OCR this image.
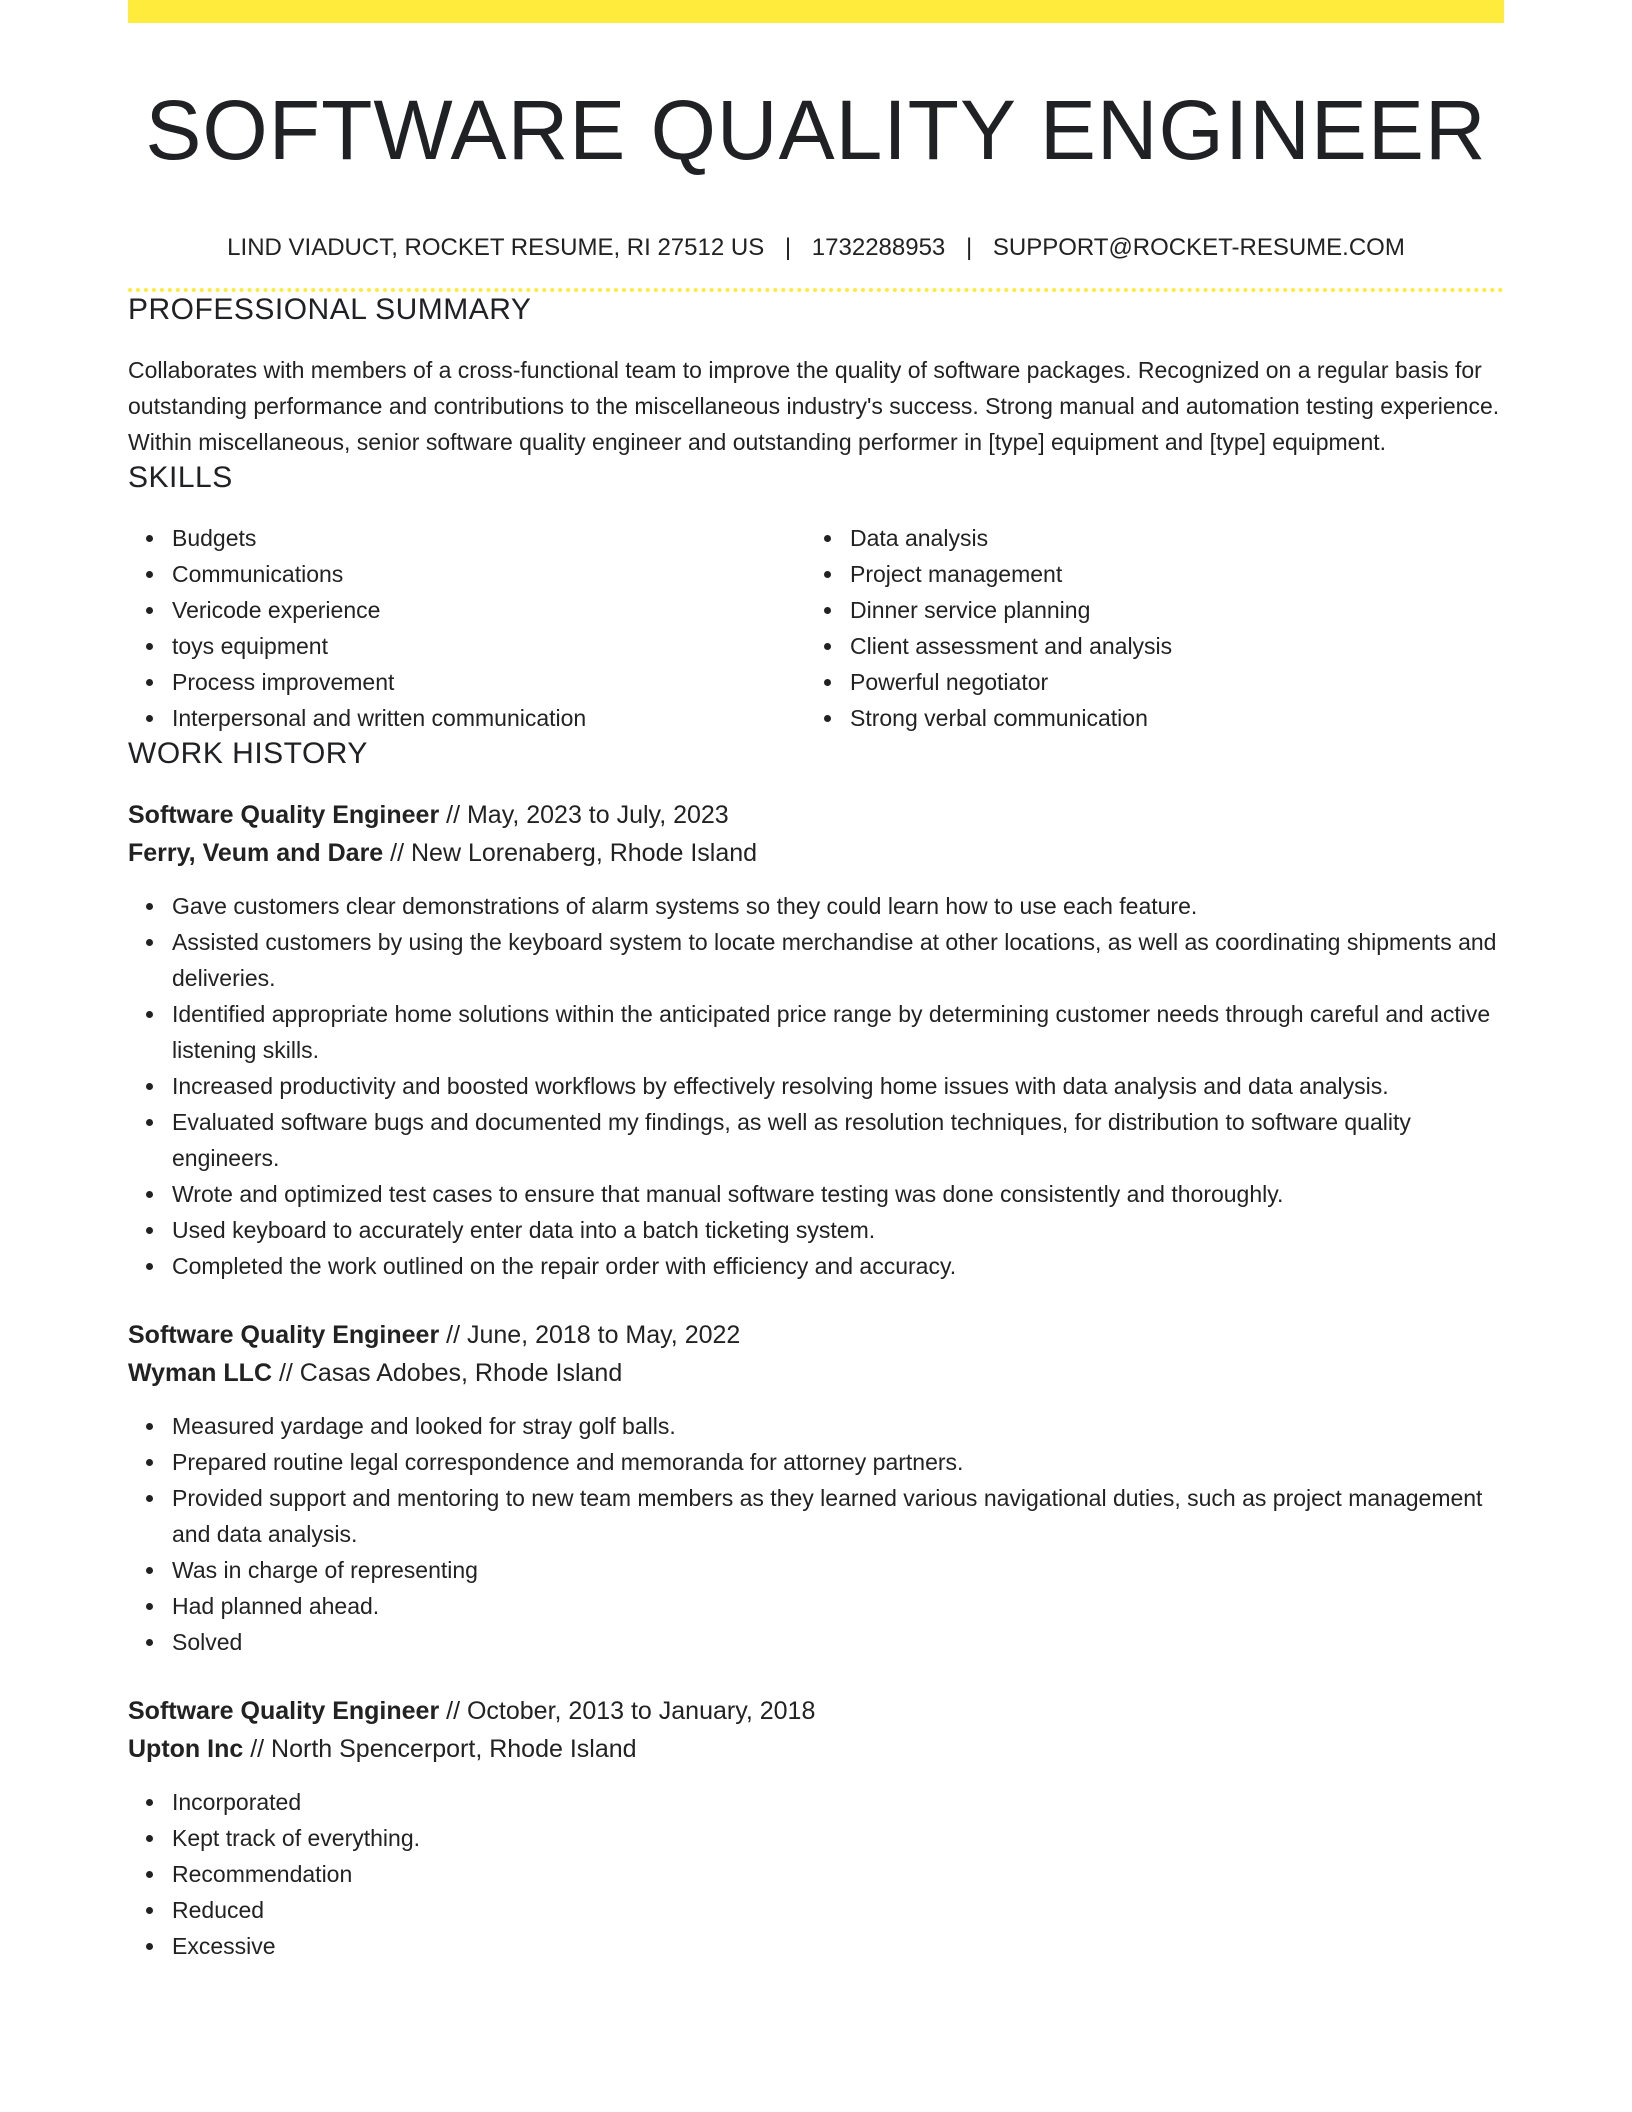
SOFTWARE QUALITY ENGINEER
LIND VIADUCT, ROCKET RESUME, RI 27512 US | 1732288953 | SUPPORT@ROCKET-RESUME.COM
PROFESSIONAL SUMMARY

Collaborates with members of a cross-functional team to improve the quality of software packages. Recognized on a regular basis for outstanding performance and contributions to the miscellaneous industry's success. Strong manual and automation testing experience. Within miscellaneous, senior software quality engineer and outstanding performer in [type] equipment and [type] equipment.

SKILLS
Budgets
Communications
Vericode experience
toys equipment
Process improvement
Interpersonal and written communication
Data analysis
Project management
Dinner service planning
Client assessment and analysis
Powerful negotiator
Strong verbal communication
WORK HISTORY
Software Quality Engineer // May, 2023 to July, 2023
Ferry, Veum and Dare // New Lorenaberg, Rhode Island
Gave customers clear demonstrations of alarm systems so they could learn how to use each feature.
Assisted customers by using the keyboard system to locate merchandise at other locations, as well as coordinating shipments and deliveries.
Identified appropriate home solutions within the anticipated price range by determining customer needs through careful and active listening skills.
Increased productivity and boosted workflows by effectively resolving home issues with data analysis and data analysis.
Evaluated software bugs and documented my findings, as well as resolution techniques, for distribution to software quality engineers.
Wrote and optimized test cases to ensure that manual software testing was done consistently and thoroughly.
Used keyboard to accurately enter data into a batch ticketing system.
Completed the work outlined on the repair order with efficiency and accuracy.
Software Quality Engineer // June, 2018 to May, 2022
Wyman LLC // Casas Adobes, Rhode Island
Measured yardage and looked for stray golf balls.
Prepared routine legal correspondence and memoranda for attorney partners.
Provided support and mentoring to new team members as they learned various navigational duties, such as project management and data analysis.
Was in charge of representing
Had planned ahead.
Solved
Software Quality Engineer // October, 2013 to January, 2018
Upton Inc // North Spencerport, Rhode Island
Incorporated
Kept track of everything.
Recommendation
Reduced
Excessive
